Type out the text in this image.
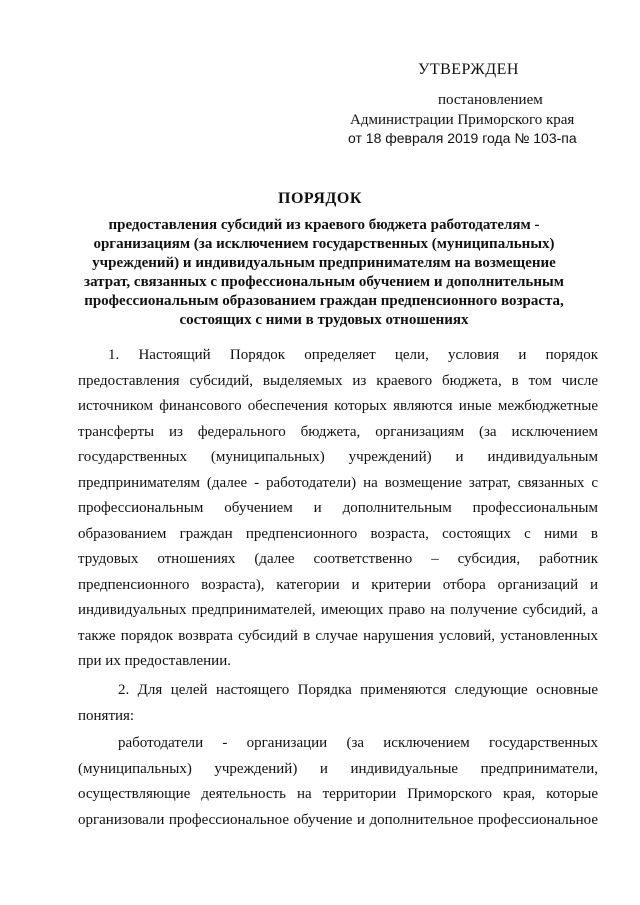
УТВЕРЖДЕН
постановлением
Администрации Приморского края
от 18 февраля 2019 года № 103-па
ПОРЯДОК
предоставления субсидий из краевого бюджета работодателям -
организациям (за исключением государственных (муниципальных)
учреждений) и индивидуальным предпринимателям на возмещение
затрат, связанных с профессиональным обучением и дополнительным
профессиональным образованием граждан предпенсионного возраста,
состоящих с ними в трудовых отношениях
1. Настоящий Порядок определяет цели, условия и порядок
предоставления субсидий, выделяемых из краевого бюджета, в том числе
источником финансового обеспечения которых являются иные межбюджетные
трансферты из федерального бюджета, организациям (за исключением
государственных (муниципальных) учреждений) и индивидуальным
предпринимателям (далее - работодатели) на возмещение затрат, связанных с
профессиональным обучением и дополнительным профессиональным
образованием граждан предпенсионного возраста, состоящих с ними в
трудовых отношениях (далее соответственно – субсидия, работник
предпенсионного возраста), категории и критерии отбора организаций и
индивидуальных предпринимателей, имеющих право на получение субсидий, а
также порядок возврата субсидий в случае нарушения условий, установленных
при их предоставлении.
2. Для целей настоящего Порядка применяются следующие основные
понятия:
работодатели - организации (за исключением государственных
(муниципальных) учреждений) и индивидуальные предприниматели,
осуществляющие деятельность на территории Приморского края, которые
организовали профессиональное обучение и дополнительное профессиональное
